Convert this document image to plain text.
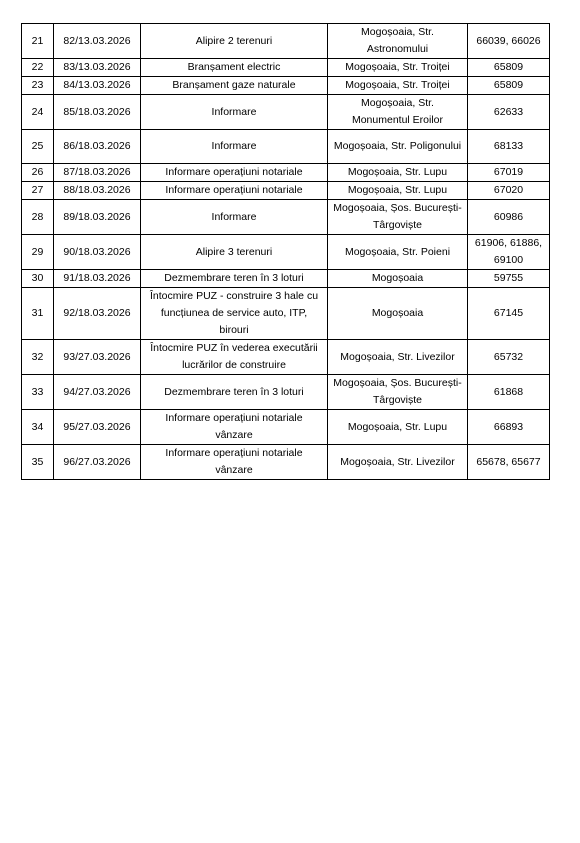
21	82/13.03.2026	Alipire 2 terenuri	Mogoșoaia, Str.
Astronomului	66039, 66026
22	83/13.03.2026	Branșament electric	Mogoșoaia, Str. Troiței	65809
23	84/13.03.2026	Branșament gaze naturale	Mogoșoaia, Str. Troiței	65809
24	85/18.03.2026	Informare	Mogoșoaia, Str.
Monumentul Eroilor	62633
25	86/18.03.2026	Informare	Mogoșoaia, Str. Poligonului	68133
26	87/18.03.2026	Informare operațiuni notariale	Mogoșoaia, Str. Lupu	67019
27	88/18.03.2026	Informare operațiuni notariale	Mogoșoaia, Str. Lupu	67020
28	89/18.03.2026	Informare	Mogoșoaia, Șos. București-
Târgoviște	60986
29	90/18.03.2026	Alipire 3 terenuri	Mogoșoaia, Str. Poieni	61906, 61886,
69100
30	91/18.03.2026	Dezmembrare teren în 3 loturi	Mogoșoaia	59755
31	92/18.03.2026	Întocmire PUZ - construire 3 hale cu
funcțiunea de service auto, ITP,
birouri	Mogoșoaia	67145
32	93/27.03.2026	Întocmire PUZ în vederea executării
lucrărilor de construire	Mogoșoaia, Str. Livezilor	65732
33	94/27.03.2026	Dezmembrare teren în 3 loturi	Mogoșoaia, Șos. București-
Târgoviște	61868
34	95/27.03.2026	Informare operațiuni notariale
vânzare	Mogoșoaia, Str. Lupu	66893
35	96/27.03.2026	Informare operațiuni notariale
vânzare	Mogoșoaia, Str. Livezilor	65678, 65677
